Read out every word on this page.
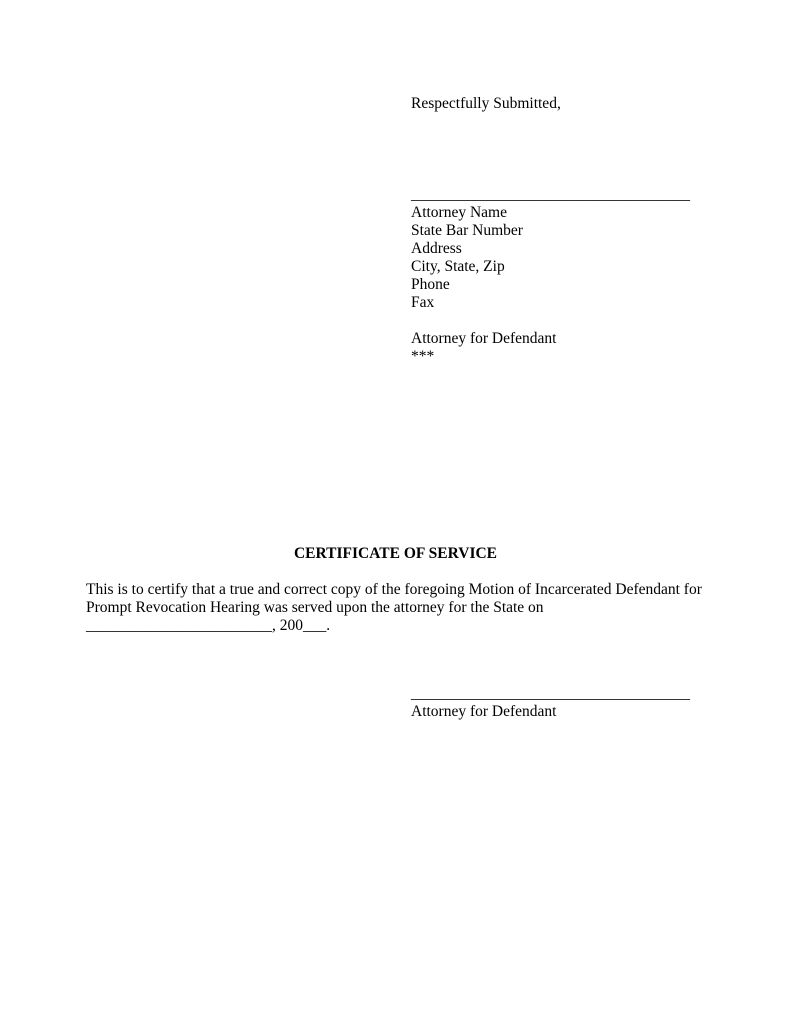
Respectfully Submitted,
____________________________________
Attorney Name
State Bar Number
Address
City, State, Zip
Phone
Fax
Attorney for Defendant
***
CERTIFICATE OF SERVICE
This is to certify that a true and correct copy of the foregoing Motion of Incarcerated Defendant for
Prompt Revocation Hearing was served upon the attorney for the State on
________________________, 200___.
____________________________________
Attorney for Defendant
